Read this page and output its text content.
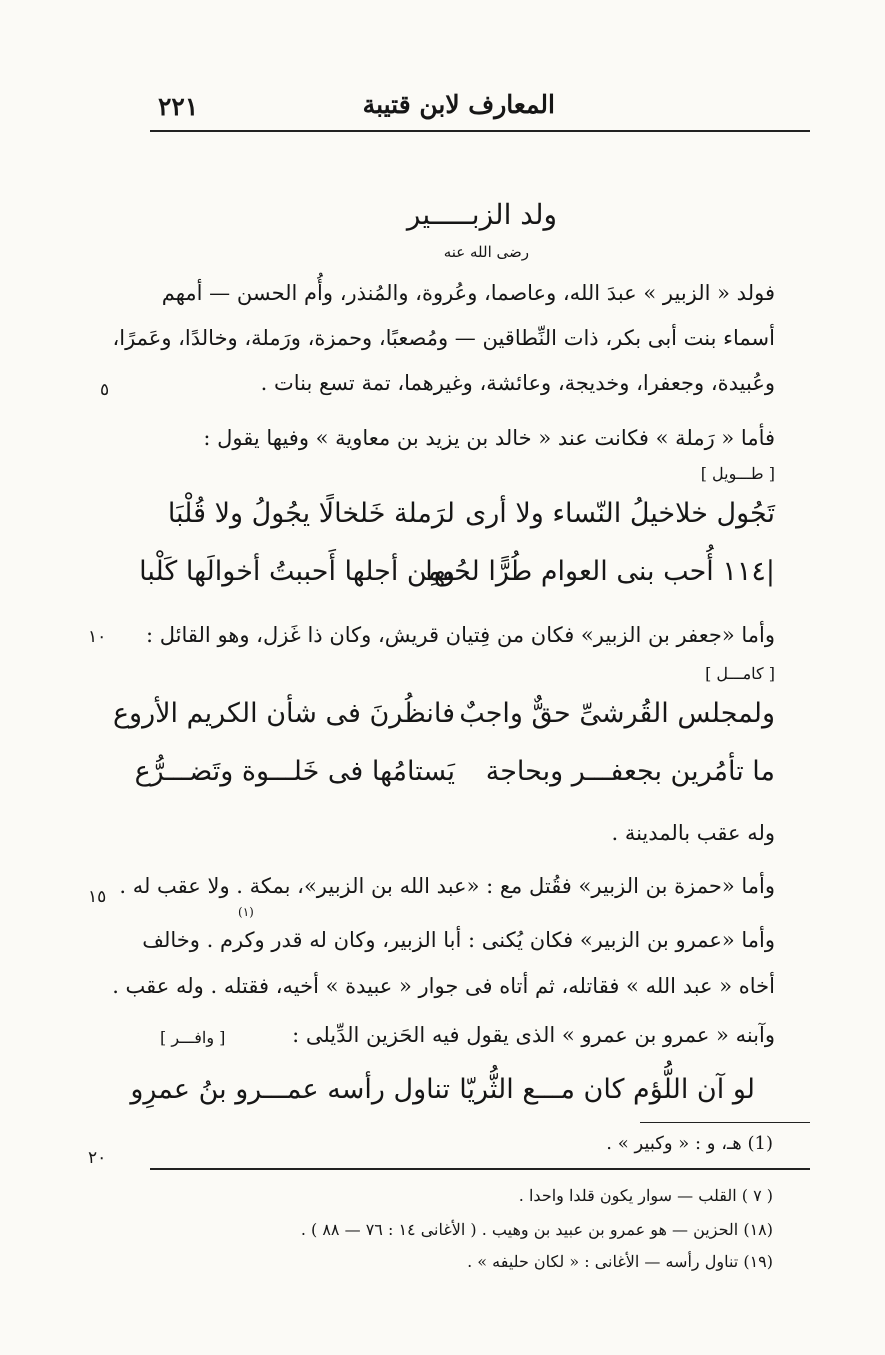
٢٢١	المعارف لابن قتيبة
ولد الزبـــــير
رضى الله عنه
فولد « الزبير » عبدَ الله، وعاصما، وعُروة، والمُنذر، وأُم الحسن — أمهم
أسماء بنت أبى بكر، ذات النِّطاقين — ومُصعبًا، وحمزة، ورَملة، وخالدًا، وعَمرًا،
وعُبيدة، وجعفرا، وخديجة، وعائشة، وغيرهما، تمة تسع بنات .
٥
فأما « رَملة » فكانت عند « خالد بن يزيد بن معاوية » وفيها يقول :
[ طـــويل ]
تَجُول خلاخيلُ النّساء ولا أرى
لرَملة خَلخالًا يجُولُ ولا قُلْبَا
|١١٤ أُحب بنى العوام طُرًّا لحُبها
ومِن أجلها أَحببتُ أخوالَها كَلْبا
وأما «جعفر بن الزبير» فكان من فِتيان قريش، وكان ذا غَزل، وهو القائل :
١٠
[ كامـــل ]
ولمجلس القُرشىِّ حقٌّ واجبٌ
فانظُرنَ فى شأن الكريم الأروع
ما تأمُرين بجعفـــر وبحاجة
يَستامُها فى خَلـــوة وتَضـــرُّع
وله عقب بالمدينة .
وأما «حمزة بن الزبير» فقُتل مع : «عبد الله بن الزبير»، بمكة . ولا عقب له .
١٥
(١)
وأما «عمرو بن الزبير» فكان يُكنى : أبا الزبير، وكان له قدر وكرم . وخالف
أخاه « عبد الله » فقاتله، ثم أتاه فى جوار « عبيدة » أخيه، فقتله . وله عقب .
[ وافـــر ]	وآبنه « عمرو بن عمرو » الذى يقول فيه الحَزين الدِّيلى :
لو آن اللُّؤم كان مـــع الثُّريّا
تناول رأسه عمـــرو بنُ عمرِو
(1) هـ، و : « وكبير » .
٢٠
( ٧ ) القلب — سوار يكون قلدا واحدا .
(١٨) الحزين — هو عمرو بن عبيد بن وهيب . ( الأغانى ١٤ : ٧٦ — ٨٨ ) .
(١٩) تناول رأسه — الأغانى : « لكان حليفه » .
